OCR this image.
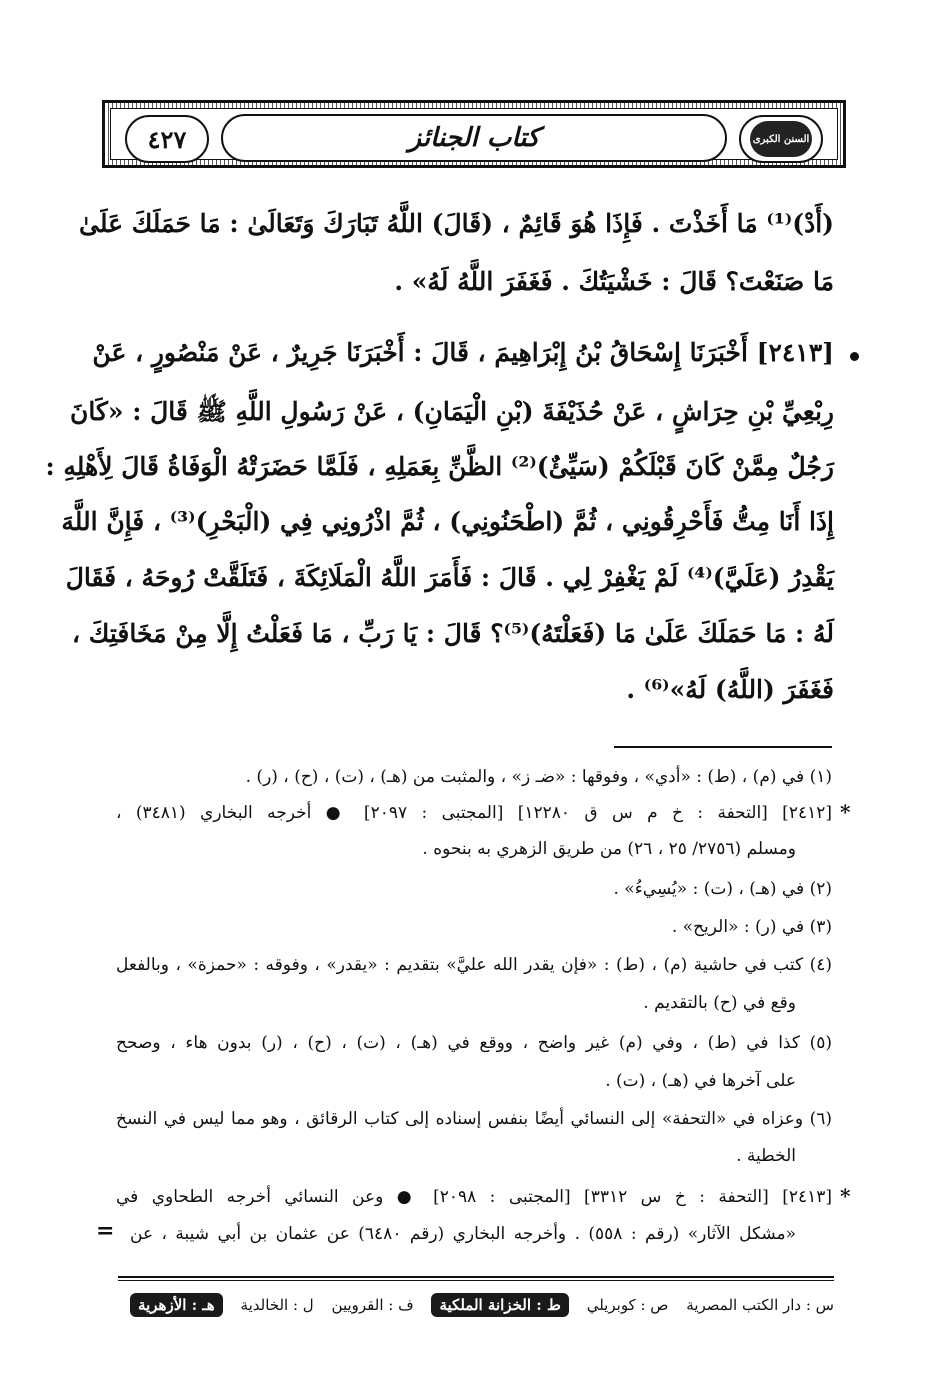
٤٢٧	كتاب الجنائز	السنن الكبرى
(أَدْ)⁽¹⁾ مَا أَخَذْتَ . فَإِذَا هُوَ قَائِمٌ ، (قَالَ) اللَّهُ تَبَارَكَ وَتَعَالَىٰ : مَا حَمَلَكَ عَلَىٰ
مَا صَنَعْتَ؟ قَالَ : خَشْيَتُكَ . فَغَفَرَ اللَّهُ لَهُ» .
[٢٤١٣] أَخْبَرَنَا إِسْحَاقُ بْنُ إِبْرَاهِيمَ ، قَالَ : أَخْبَرَنَا جَرِيرٌ ، عَنْ مَنْصُورٍ ، عَنْ
رِبْعِيِّ بْنِ حِرَاشٍ ، عَنْ حُذَيْفَةَ (بْنِ الْيَمَانِ) ، عَنْ رَسُولِ اللَّهِ ﷺ قَالَ : «كَانَ
رَجُلٌ مِمَّنْ كَانَ قَبْلَكُمْ (سَيِّئٌ)⁽²⁾ الظَّنِّ بِعَمَلِهِ ، فَلَمَّا حَضَرَتْهُ الْوَفَاةُ قَالَ لِأَهْلِهِ :
إِذَا أَنَا مِتُّ فَأَحْرِقُونِي ، ثُمَّ (اطْحَنُونِي) ، ثُمَّ اذْرُونِي فِي (الْبَحْرِ)⁽³⁾ ، فَإِنَّ اللَّهَ
يَقْدِرُ (عَلَيَّ)⁽⁴⁾ لَمْ يَغْفِرْ لِي . قَالَ : فَأَمَرَ اللَّهُ الْمَلَائِكَةَ ، فَتَلَقَّتْ رُوحَهُ ، فَقَالَ
لَهُ : مَا حَمَلَكَ عَلَىٰ مَا (فَعَلْتَهُ)⁽⁵⁾؟ قَالَ : يَا رَبِّ ، مَا فَعَلْتُ إِلَّا مِنْ مَخَافَتِكَ ،
فَغَفَرَ (اللَّهُ) لَهُ»⁽⁶⁾ .
(١) في (م) ، (ط) : «أدي» ، وفوقها : «ضـ ز» ، والمثبت من (هـ) ، (ت) ، (ح) ، (ر) .
*
[٢٤١٢] [التحفة : خ م س ق ١٢٢٨٠] [المجتبى : ٢٠٩٧] ● أخرجه البخاري (٣٤٨١) ،
ومسلم (٢٧٥٦/ ٢٥ ، ٢٦) من طريق الزهري به بنحوه .
(٢) في (هـ) ، (ت) : «يُسِيءُ» .
(٣) في (ر) : «الريح» .
(٤) كتب في حاشية (م) ، (ط) : «فإن يقدر الله عليَّ» بتقديم : «يقدر» ، وفوقه : «حمزة» ، وبالفعل
وقع في (ح) بالتقديم .
(٥) كذا في (ط) ، وفي (م) غير واضح ، ووقع في (هـ) ، (ت) ، (ح) ، (ر) بدون هاء ، وصحح
على آخرها في (هـ) ، (ت) .
(٦) وعزاه في «التحفة» إلى النسائي أيضًا بنفس إسناده إلى كتاب الرقائق ، وهو مما ليس في النسخ
الخطية .
*
[٢٤١٣] [التحفة : خ س ٣٣١٢] [المجتبى : ٢٠٩٨] ● وعن النسائي أخرجه الطحاوي في
«مشكل الآثار» (رقم : ٥٥٨) . وأخرجه البخاري (رقم ٦٤٨٠) عن عثمان بن أبي شيبة ، عن
=
س : دار الكتب المصرية
ص : كوبريلي
ط : الخزانة الملكية
ف : القرويين
ل : الخالدية
هـ : الأزهرية
